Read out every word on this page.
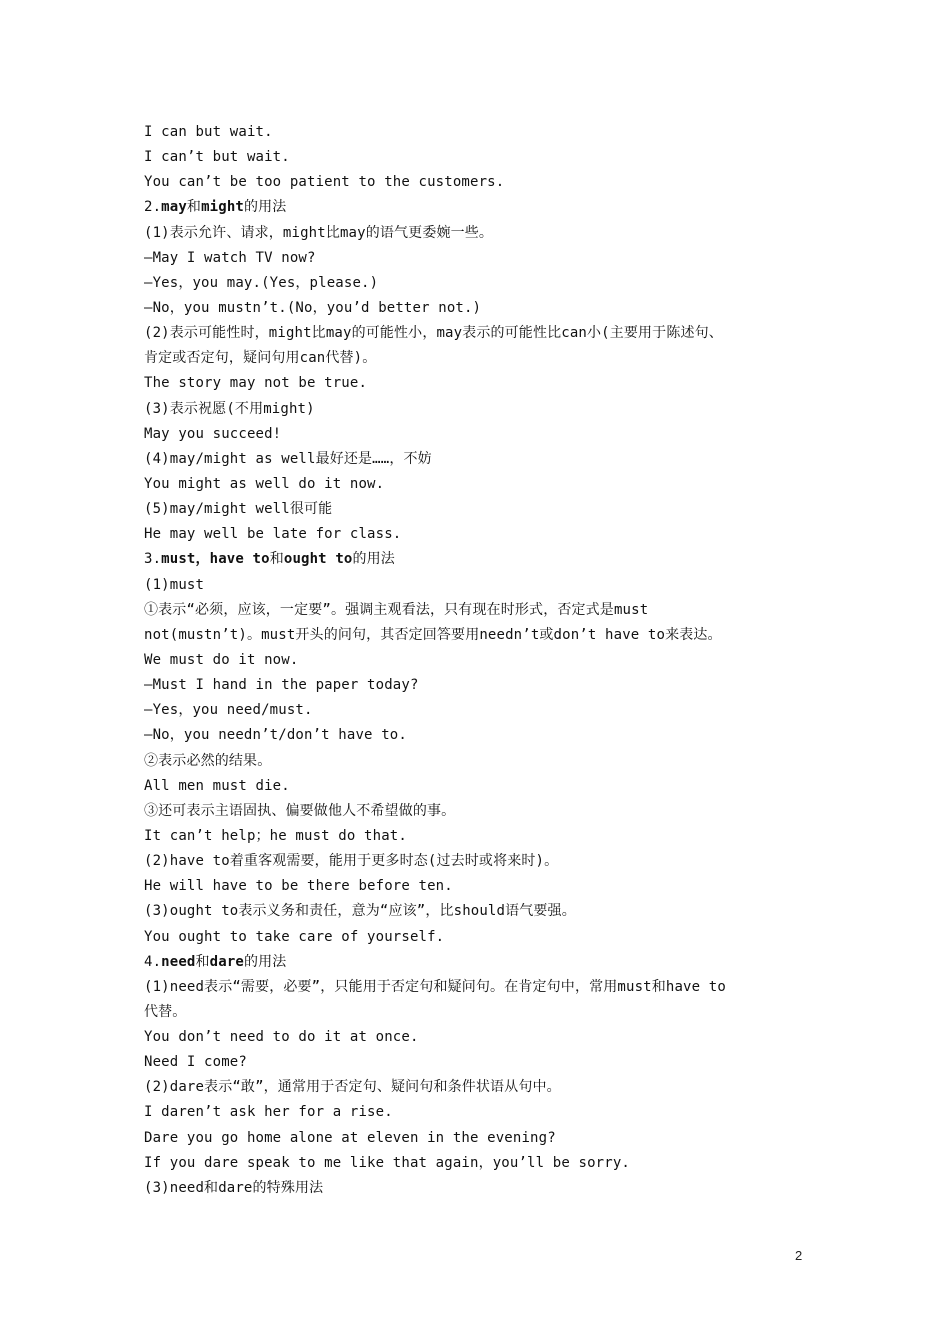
I can but wait.
I can’t but wait.
You can’t be too patient to the customers.
2.may和might的用法
(1)表示允许、请求，might比may的语气更委婉一些。
—May I watch TV now?
—Yes，you may.(Yes，please.)
—No，you mustn’t.(No，you’d better not.)
(2)表示可能性时，might比may的可能性小，may表示的可能性比can小(主要用于陈述句、
肯定或否定句，疑问句用can代替)。
The story may not be true.
(3)表示祝愿(不用might)
May you succeed!
(4)may/might as well最好还是……，不妨
You might as well do it now.
(5)may/might well很可能
He may well be late for class.
3.must，have to和ought to的用法
(1)must
①表示“必须，应该，一定要”。强调主观看法，只有现在时形式，否定式是must
not(mustn’t)。must开头的问句，其否定回答要用needn’t或don’t have to来表达。
We must do it now.
—Must I hand in the paper today?
—Yes，you need/must.
—No，you needn’t/don’t have to.
②表示必然的结果。
All men must die.
③还可表示主语固执、偏要做他人不希望做的事。
It can’t help；he must do that.
(2)have to着重客观需要，能用于更多时态(过去时或将来时)。
He will have to be there before ten.
(3)ought to表示义务和责任，意为“应该”，比should语气要强。
You ought to take care of yourself.
4.need和dare的用法
(1)need表示“需要，必要”，只能用于否定句和疑问句。在肯定句中，常用must和have to
代替。
You don’t need to do it at once.
Need I come?
(2)dare表示“敢”，通常用于否定句、疑问句和条件状语从句中。
I daren’t ask her for a rise.
Dare you go home alone at eleven in the evening?
If you dare speak to me like that again，you’ll be sorry.
(3)need和dare的特殊用法
2
